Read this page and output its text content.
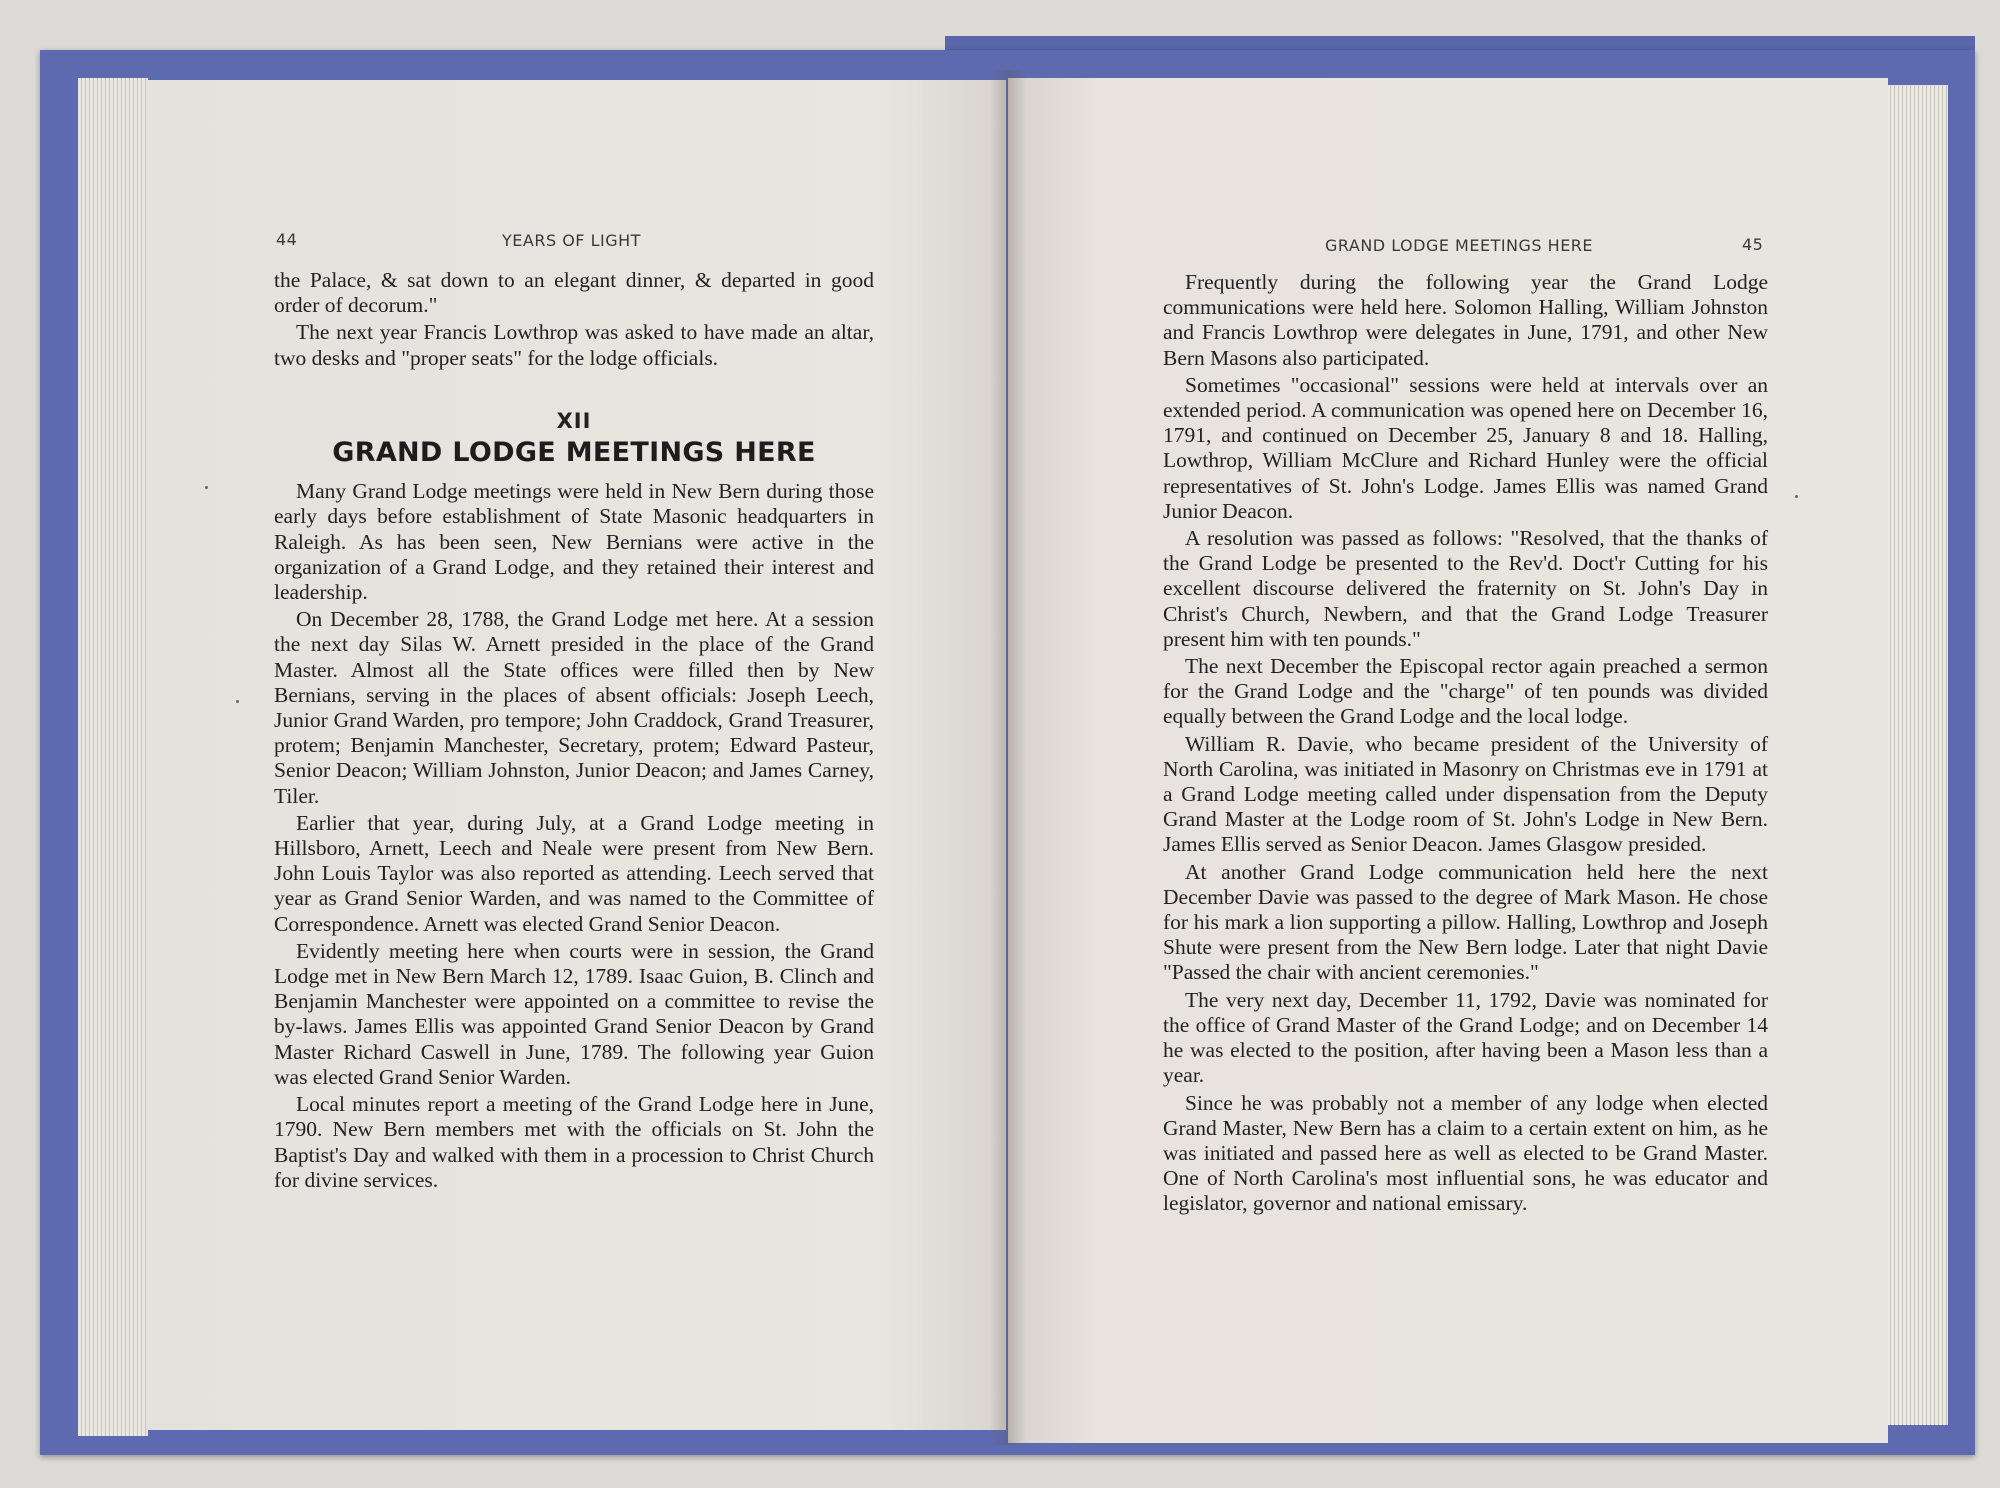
44	YEARS OF LIGHT

the Palace, & sat down to an elegant dinner, & departed in good order of decorum."

The next year Francis Lowthrop was asked to have made an altar, two desks and "proper seats" for the lodge officials.

XII
GRAND LODGE MEETINGS HERE

Many Grand Lodge meetings were held in New Bern during those early days before establishment of State Masonic headquarters in Raleigh. As has been seen, New Bernians were active in the organization of a Grand Lodge, and they retained their interest and leadership.

On December 28, 1788, the Grand Lodge met here. At a session the next day Silas W. Arnett presided in the place of the Grand Master. Almost all the State offices were filled then by New Bernians, serving in the places of absent officials: Joseph Leech, Junior Grand Warden, pro tempore; John Craddock, Grand Treasurer, protem; Benjamin Manchester, Secretary, protem; Edward Pasteur, Senior Deacon; William Johnston, Junior Deacon; and James Carney, Tiler.

Earlier that year, during July, at a Grand Lodge meeting in Hillsboro, Arnett, Leech and Neale were present from New Bern. John Louis Taylor was also reported as attending. Leech served that year as Grand Senior Warden, and was named to the Committee of Correspondence. Arnett was elected Grand Senior Deacon.

Evidently meeting here when courts were in session, the Grand Lodge met in New Bern March 12, 1789. Isaac Guion, B. Clinch and Benjamin Manchester were appointed on a committee to revise the by-laws. James Ellis was appointed Grand Senior Deacon by Grand Master Richard Caswell in June, 1789. The following year Guion was elected Grand Senior Warden.

Local minutes report a meeting of the Grand Lodge here in June, 1790. New Bern members met with the officials on St. John the Baptist's Day and walked with them in a procession to Christ Church for divine services.

GRAND LODGE MEETINGS HERE	45

Frequently during the following year the Grand Lodge communications were held here. Solomon Halling, William Johnston and Francis Lowthrop were delegates in June, 1791, and other New Bern Masons also participated.

Sometimes "occasional" sessions were held at intervals over an extended period. A communication was opened here on December 16, 1791, and continued on December 25, January 8 and 18. Halling, Lowthrop, William McClure and Richard Hunley were the official representatives of St. John's Lodge. James Ellis was named Grand Junior Deacon.

A resolution was passed as follows: "Resolved, that the thanks of the Grand Lodge be presented to the Rev'd. Doct'r Cutting for his excellent discourse delivered the fraternity on St. John's Day in Christ's Church, Newbern, and that the Grand Lodge Treasurer present him with ten pounds."

The next December the Episcopal rector again preached a sermon for the Grand Lodge and the "charge" of ten pounds was divided equally between the Grand Lodge and the local lodge.

William R. Davie, who became president of the University of North Carolina, was initiated in Masonry on Christmas eve in 1791 at a Grand Lodge meeting called under dispensation from the Deputy Grand Master at the Lodge room of St. John's Lodge in New Bern. James Ellis served as Senior Deacon. James Glasgow presided.

At another Grand Lodge communication held here the next December Davie was passed to the degree of Mark Mason. He chose for his mark a lion supporting a pillow. Halling, Lowthrop and Joseph Shute were present from the New Bern lodge. Later that night Davie "Passed the chair with ancient ceremonies."

The very next day, December 11, 1792, Davie was nominated for the office of Grand Master of the Grand Lodge; and on December 14 he was elected to the position, after having been a Mason less than a year.

Since he was probably not a member of any lodge when elected Grand Master, New Bern has a claim to a certain extent on him, as he was initiated and passed here as well as elected to be Grand Master. One of North Carolina's most influential sons, he was educator and legislator, governor and national emissary.
